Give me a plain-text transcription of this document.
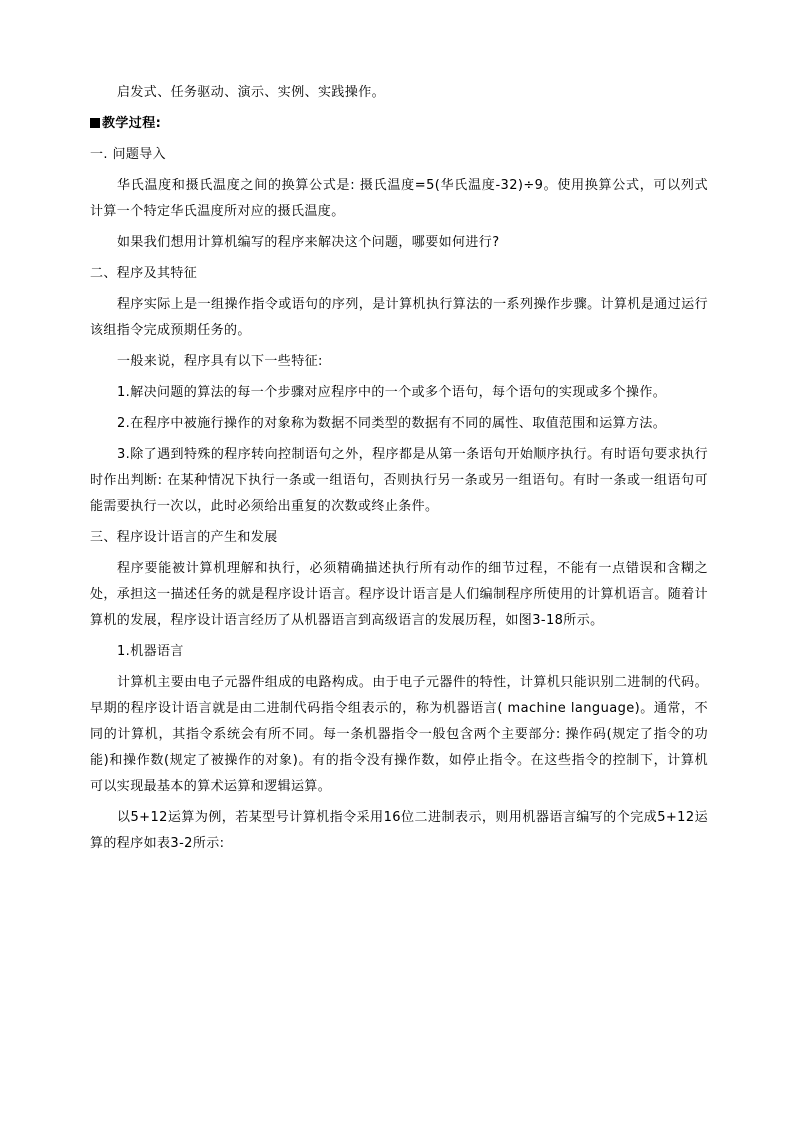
启发式、任务驱动、演示、实例、实践操作。

教学过程:

一. 问题导入

华氏温度和摄氏温度之间的换算公式是: 摄氏温度=5(华氏温度-32)÷9。使用换算公式，可以列式计算一个特定华氏温度所对应的摄氏温度。

如果我们想用计算机编写的程序来解决这个问题，哪要如何进行?

二、程序及其特征

程序实际上是一组操作指令或语句的序列，是计算机执行算法的一系列操作步骤。计算机是通过运行该组指令完成预期任务的。

一般来说，程序具有以下一些特征:

1.解决问题的算法的每一个步骤对应程序中的一个或多个语句，每个语句的实现或多个操作。

2.在程序中被施行操作的对象称为数据不同类型的数据有不同的属性、取值范围和运算方法。

3.除了遇到特殊的程序转向控制语句之外，程序都是从第一条语句开始顺序执行。有时语句要求执行时作出判断: 在某种情况下执行一条或一组语句，否则执行另一条或另一组语句。有时一条或一组语句可能需要执行一次以，此时必须给出重复的次数或终止条件。

三、程序设计语言的产生和发展

程序要能被计算机理解和执行，必须精确描述执行所有动作的细节过程，不能有一点错误和含糊之处，承担这一描述任务的就是程序设计语言。程序设计语言是人们编制程序所使用的计算机语言。随着计算机的发展，程序设计语言经历了从机器语言到高级语言的发展历程，如图3-18所示。

1.机器语言

计算机主要由电子元器件组成的电路构成。由于电子元器件的特性，计算机只能识别二进制的代码。早期的程序设计语言就是由二进制代码指令组表示的，称为机器语言( machine language)。通常，不同的计算机，其指令系统会有所不同。每一条机器指令一般包含两个主要部分: 操作码(规定了指令的功能)和操作数(规定了被操作的对象)。有的指令没有操作数，如停止指令。在这些指令的控制下，计算机可以实现最基本的算术运算和逻辑运算。

以5+12运算为例，若某型号计算机指令采用16位二进制表示，则用机器语言编写的个完成5+12运算的程序如表3-2所示:
